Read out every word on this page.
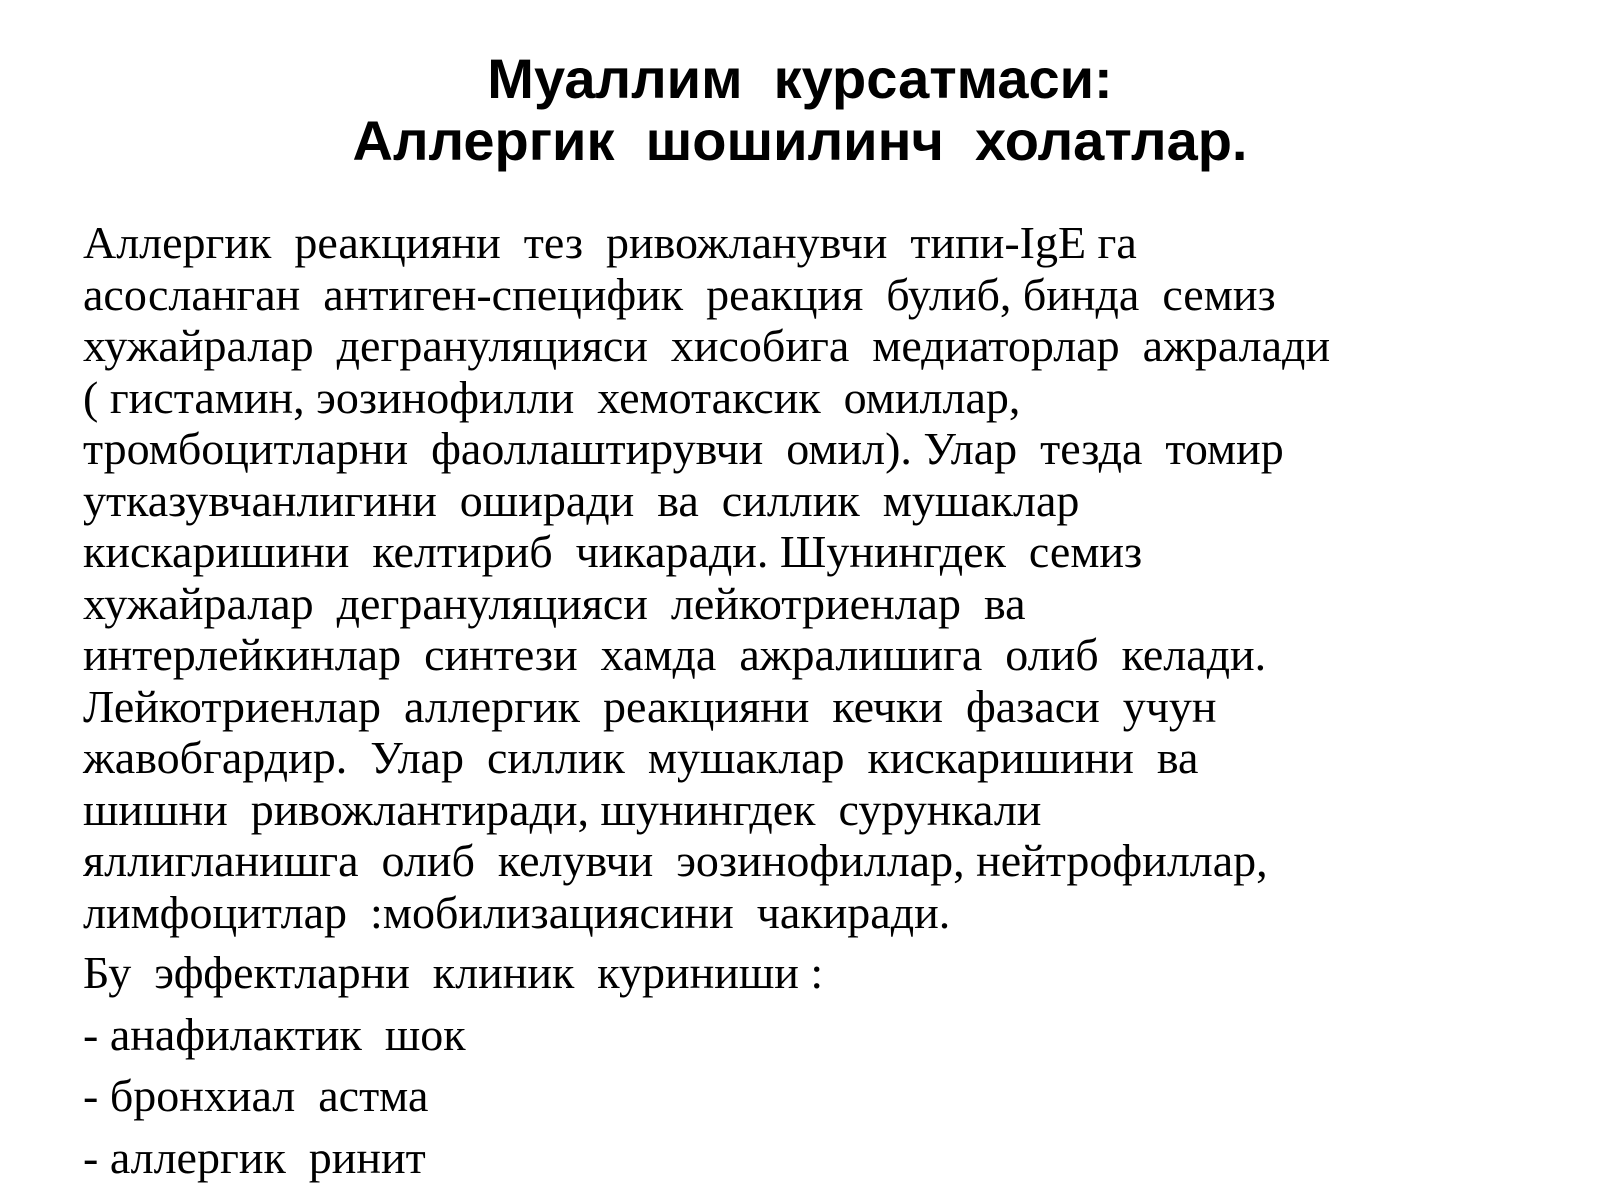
Муаллим  курсатмаси:
Аллергик  шошилинч  холатлар.
Аллергик  реакцияни  тез  ривожланувчи  типи-IgE га
асосланган  антиген-специфик  реакция  булиб, бинда  семиз
хужайралар  дегрануляцияси  хисобига  медиаторлар  ажралади
( гистамин, эозинофилли  хемотаксик  омиллар,
тромбоцитларни  фаоллаштирувчи  омил). Улар  тезда  томир
утказувчанлигини  оширади  ва  силлик  мушаклар
кискаришини  келтириб  чикаради. Шунингдек  семиз
хужайралар  дегрануляцияси  лейкотриенлар  ва
интерлейкинлар  синтези  хамда  ажралишига  олиб  келади.
Лейкотриенлар  аллергик  реакцияни  кечки  фазаси  учун
жавобгардир.  Улар  силлик  мушаклар  кискаришини  ва
шишни  ривожлантиради, шунингдек  сурункали
яллигланишга  олиб  келувчи  эозинофиллар, нейтрофиллар,
лимфоцитлар  :мобилизациясини  чакиради.
Бу  эффектларни  клиник  куриниши :
- анафилактик  шок
- бронхиал  астма
- аллергик  ринит
